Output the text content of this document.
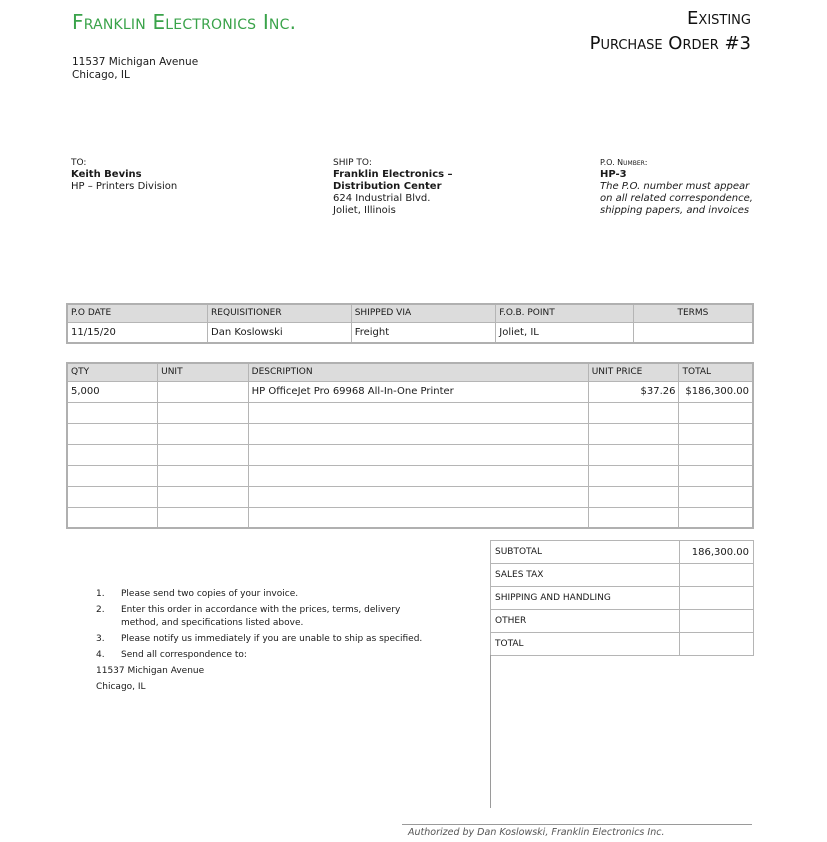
Franklin Electronics Inc.	Existing
Purchase Order #3
11537 Michigan Avenue
Chicago, IL
TO:
Keith Bevins
HP – Printers Division
SHIP TO:
Franklin Electronics –
Distribution Center
624 Industrial Blvd.
Joliet, Illinois
P.O. Number:
HP-3
The P.O. number must appear
on all related correspondence,
shipping papers, and invoices
P.O DATE	REQUISITIONER	SHIPPED VIA	F.O.B. POINT	TERMS
11/15/20	Dan Koslowski	Freight	Joliet, IL	
QTY	UNIT	DESCRIPTION	UNIT PRICE	TOTAL
5,000		HP OfficeJet Pro 69968 All-In-One Printer	$37.26	$186,300.00

SUBTOTAL	186,300.00
SALES TAX	
SHIPPING AND HANDLING	
OTHER	
TOTAL	
1.	Please send two copies of your invoice.
2.	Enter this order in accordance with the prices, terms, delivery
method, and specifications listed above.
3.	Please notify us immediately if you are unable to ship as specified.
4.	Send all correspondence to:
11537 Michigan Avenue
Chicago, IL
Authorized by Dan Koslowski, Franklin Electronics Inc.
